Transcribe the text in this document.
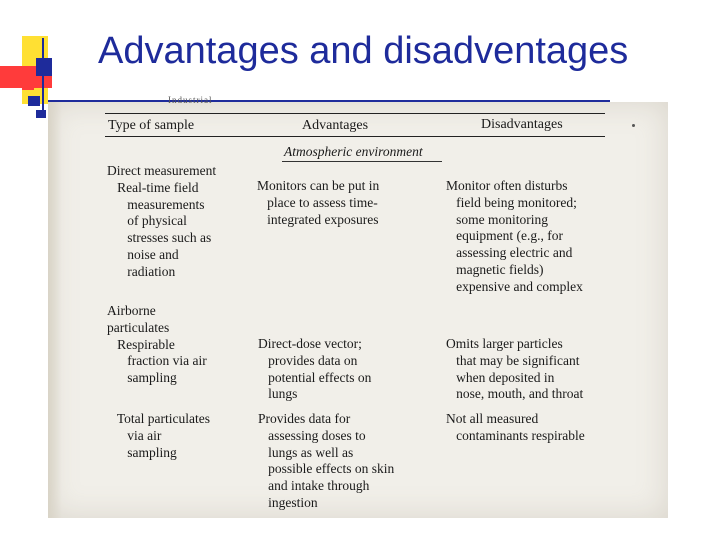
Advantages and disadventages
Industrial
Type of sample	Advantages	Disadvantages
Atmospheric environment
Direct measurement
Real-time field
measurements
of physical
stresses such as
noise and
radiation
Monitors can be put in
place to assess time-
integrated exposures
Monitor often disturbs
field being monitored;
some monitoring
equipment (e.g., for
assessing electric and
magnetic fields)
expensive and complex
Airborne
particulates
Respirable
fraction via air
sampling
Direct-dose vector;
provides data on
potential effects on
lungs
Omits larger particles
that may be significant
when deposited in
nose, mouth, and throat
Total particulates
via air
sampling
Provides data for
assessing doses to
lungs as well as
possible effects on skin
and intake through
ingestion
Not all measured
contaminants respirable
